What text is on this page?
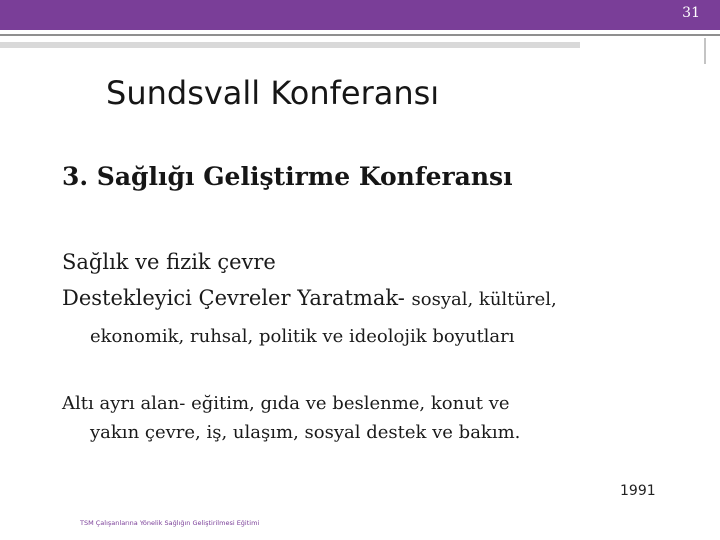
31
Sundsvall Konferansı
3. Sağlığı Geliştirme Konferansı
Sağlık ve fizik çevre
Destekleyici Çevreler Yaratmak- sosyal, kültürel,
ekonomik, ruhsal, politik ve ideolojik boyutları
Altı ayrı alan- eğitim, gıda ve beslenme, konut ve
yakın çevre, iş, ulaşım, sosyal destek ve bakım.
1991
TSM Çalışanlarına Yönelik Sağlığın Geliştirilmesi Eğitimi
